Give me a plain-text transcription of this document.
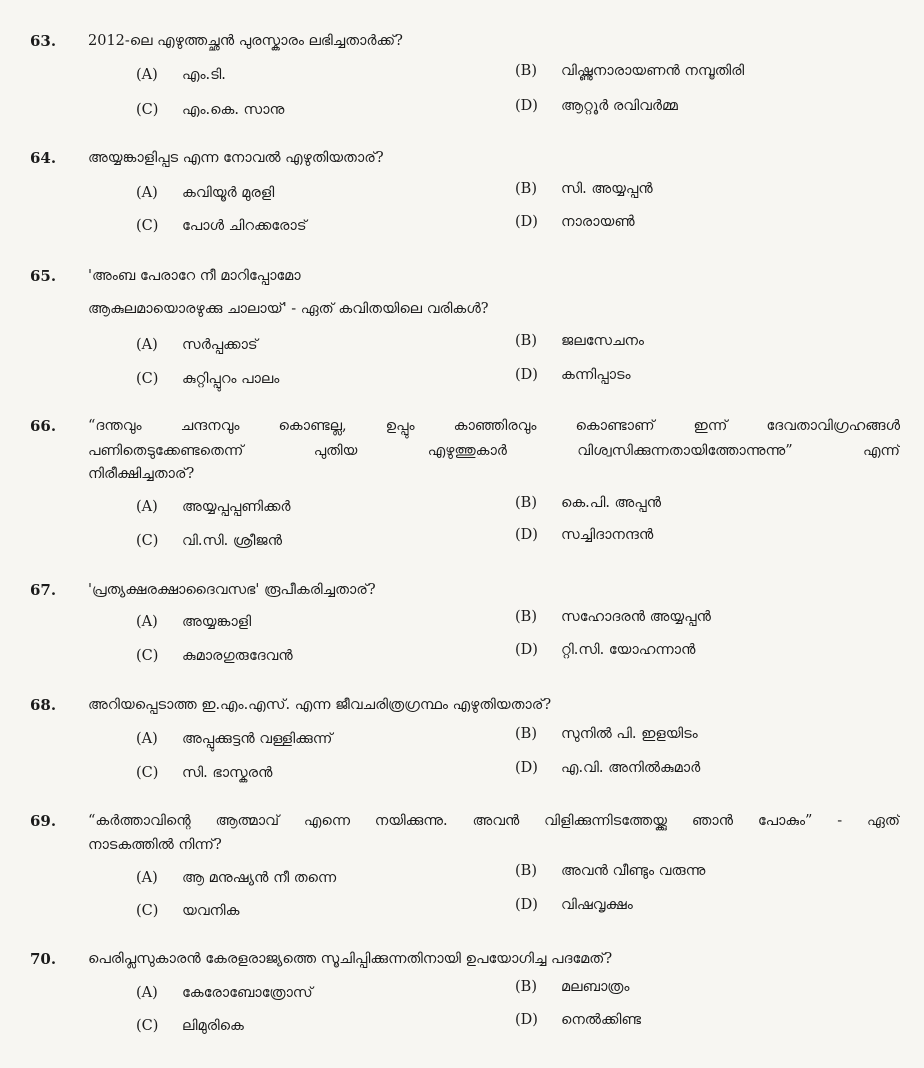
63.	2012-ലെ എഴുത്തച്ഛൻ പുരസ്കാരം ലഭിച്ചതാർക്ക്?
(A) എം.ടി.	(B) വിഷ്ണുനാരായണൻ നമ്പൂതിരി
(C) എം.കെ. സാനു	(D) ആറ്റൂർ രവിവർമ്മ
64.	അയ്യങ്കാളിപ്പട എന്ന നോവൽ എഴുതിയതാര്?
(A) കവിയൂർ മുരളി	(B) സി. അയ്യപ്പൻ
(C) പോൾ ചിറക്കരോട്	(D) നാരായൺ
65.	'അംബ പേരാറേ നീ മാറിപ്പോമോ
ആകുലമായൊരഴുക്കു ചാലായ്' - ഏത് കവിതയിലെ വരികൾ?
(A) സർപ്പക്കാട്	(B) ജലസേചനം
(C) കുറ്റിപ്പുറം പാലം	(D) കന്നിപ്പാടം
66.	“ദന്തവും ചന്ദനവും കൊണ്ടല്ല, ഉപ്പും കാഞ്ഞിരവും കൊണ്ടാണ് ഇന്ന് ദേവതാവിഗ്രഹങ്ങൾ
പണിതെടുക്കേണ്ടതെന്ന് പുതിയ എഴുത്തുകാർ വിശ്വസിക്കുന്നതായിത്തോന്നുന്നു” എന്ന്
നിരീക്ഷിച്ചതാര്?
(A) അയ്യപ്പപ്പണിക്കർ	(B) കെ.പി. അപ്പൻ
(C) വി.സി. ശ്രീജൻ	(D) സച്ചിദാനന്ദൻ
67.	'പ്രത്യക്ഷരക്ഷാദൈവസഭ' രൂപീകരിച്ചതാര്?
(A) അയ്യങ്കാളി	(B) സഹോദരൻ അയ്യപ്പൻ
(C) കുമാരഗുരുദേവൻ	(D) റ്റി.സി. യോഹന്നാൻ
68.	അറിയപ്പെടാത്ത ഇ.എം.എസ്. എന്ന ജീവചരിത്രഗ്രന്ഥം എഴുതിയതാര്?
(A) അപ്പുക്കുട്ടൻ വള്ളിക്കുന്ന്	(B) സുനിൽ പി. ഇളയിടം
(C) സി. ഭാസ്കരൻ	(D) എ.വി. അനിൽകുമാർ
69.	“കർത്താവിന്റെ ആത്മാവ് എന്നെ നയിക്കുന്നു. അവൻ വിളിക്കുന്നിടത്തേയ്ക്കു ഞാൻ പോകും” - ഏത്
നാടകത്തിൽ നിന്ന്?
(A) ആ മനുഷ്യൻ നീ തന്നെ	(B) അവൻ വീണ്ടും വരുന്നു
(C) യവനിക	(D) വിഷവൃക്ഷം
70.	പെരിപ്ലസുകാരൻ കേരളരാജ്യത്തെ സൂചിപ്പിക്കുന്നതിനായി ഉപയോഗിച്ച പദമേത്?
(A) കേരോബോത്രോസ്	(B) മലബാത്രം
(C) ലിമുരികെ	(D) നെൽക്കിണ്ട
